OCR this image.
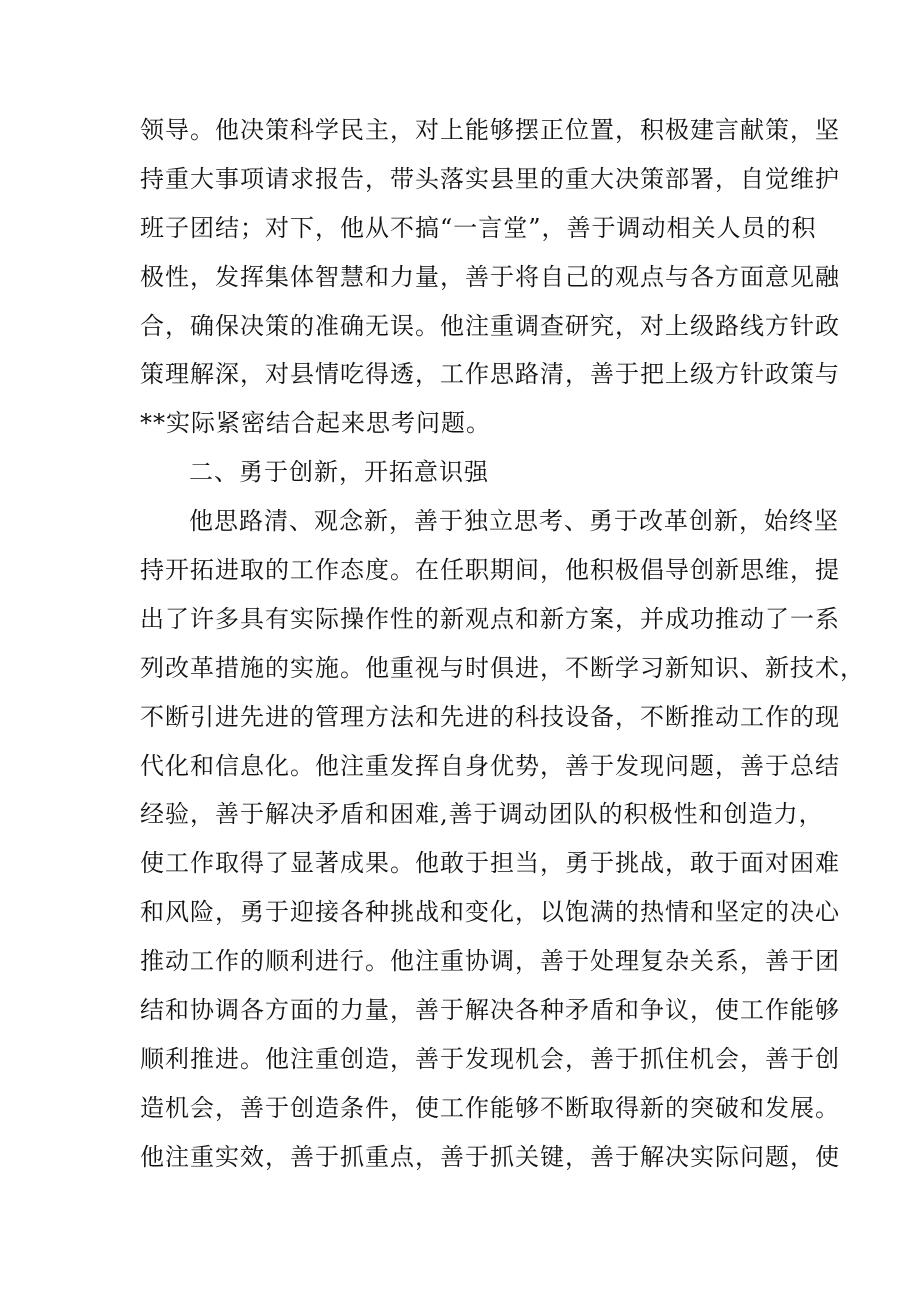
领导。他决策科学民主，对上能够摆正位置，积极建言献策，坚
持重大事项请求报告，带头落实县里的重大决策部署，自觉维护
班子团结；对下，他从不搞“一言堂”，善于调动相关人员的积
极性，发挥集体智慧和力量，善于将自己的观点与各方面意见融
合，确保决策的准确无误。他注重调查研究，对上级路线方针政
策理解深，对县情吃得透，工作思路清，善于把上级方针政策与
**实际紧密结合起来思考问题。
二、勇于创新，开拓意识强
他思路清、观念新，善于独立思考、勇于改革创新，始终坚
持开拓进取的工作态度。在任职期间，他积极倡导创新思维，提
出了许多具有实际操作性的新观点和新方案，并成功推动了一系
列改革措施的实施。他重视与时俱进，不断学习新知识、新技术，
不断引进先进的管理方法和先进的科技设备，不断推动工作的现
代化和信息化。他注重发挥自身优势，善于发现问题，善于总结
经验，善于解决矛盾和困难,善于调动团队的积极性和创造力，
使工作取得了显著成果。他敢于担当，勇于挑战，敢于面对困难
和风险，勇于迎接各种挑战和变化，以饱满的热情和坚定的决心
推动工作的顺利进行。他注重协调，善于处理复杂关系，善于团
结和协调各方面的力量，善于解决各种矛盾和争议，使工作能够
顺利推进。他注重创造，善于发现机会，善于抓住机会，善于创
造机会，善于创造条件，使工作能够不断取得新的突破和发展。
他注重实效，善于抓重点，善于抓关键，善于解决实际问题，使
